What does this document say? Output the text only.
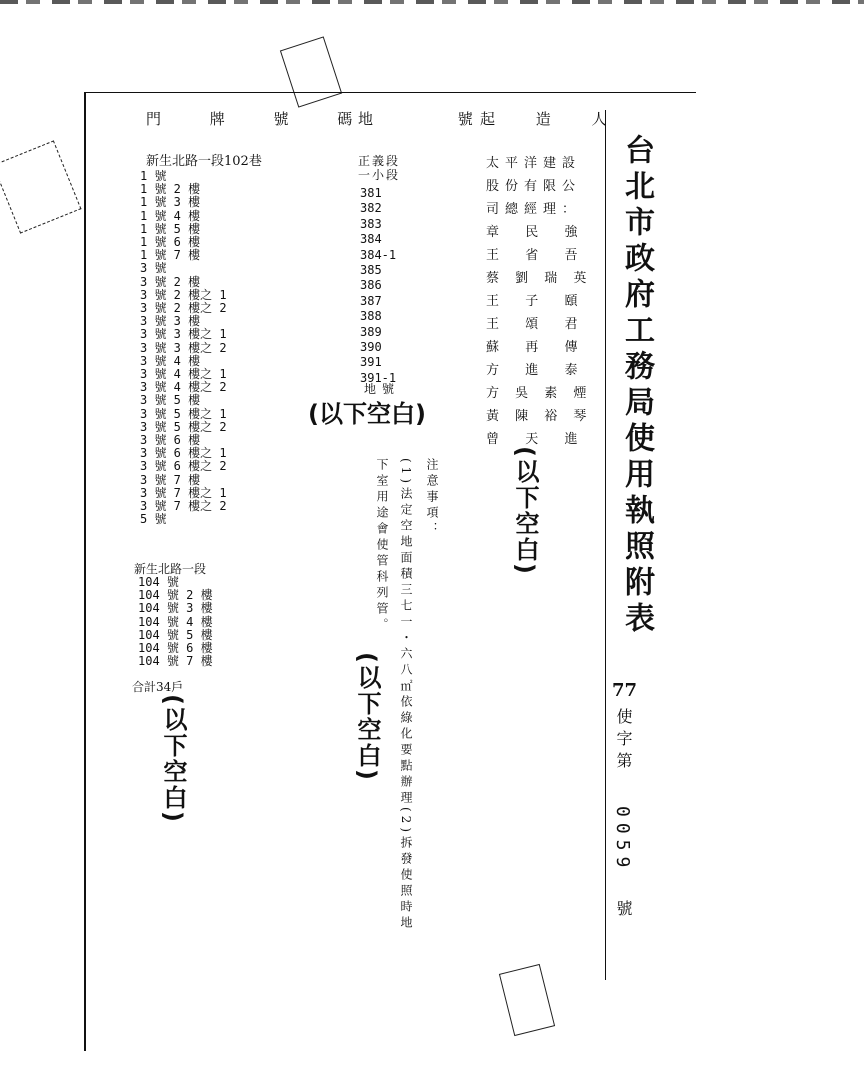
門 牌 號 碼
地 號
起 造 人
台北市政府工務局使用執照附表
新生北路一段102巷
1 號
1 號 2 樓
1 號 3 樓
1 號 4 樓
1 號 5 樓
1 號 6 樓
1 號 7 樓
3 號
3 號 2 樓
3 號 2 樓之 1
3 號 2 樓之 2
3 號 3 樓
3 號 3 樓之 1
3 號 3 樓之 2
3 號 4 樓
3 號 4 樓之 1
3 號 4 樓之 2
3 號 5 樓
3 號 5 樓之 1
3 號 5 樓之 2
3 號 6 樓
3 號 6 樓之 1
3 號 6 樓之 2
3 號 7 樓
3 號 7 樓之 1
3 號 7 樓之 2
5 號
新生北路一段
104 號
104 號 2 樓
104 號 3 樓
104 號 4 樓
104 號 5 樓
104 號 6 樓
104 號 7 樓
合計34戶
正義段
一小段
381
382
383
384
384-1
385
386
387
388
389
390
391
391-1
地號
太平洋建設
股份有限公
司總經理：
章  民  強
王  省  吾
蔡 劉 瑞 英
王  子  頤
王  頌  君
蘇  再  傳
方  進  泰
方 吳 素 煙
黃 陳 裕 琴
曾  天  進
注意事項：
(1)法定空地面積三七一・六八㎡依綠化要點辦理(2)拆發使照時地
下室用途會使管科列管。
(以下空白)
(以下空白)
(以下空白)
(以下空白)
77
使字第
0059
號
